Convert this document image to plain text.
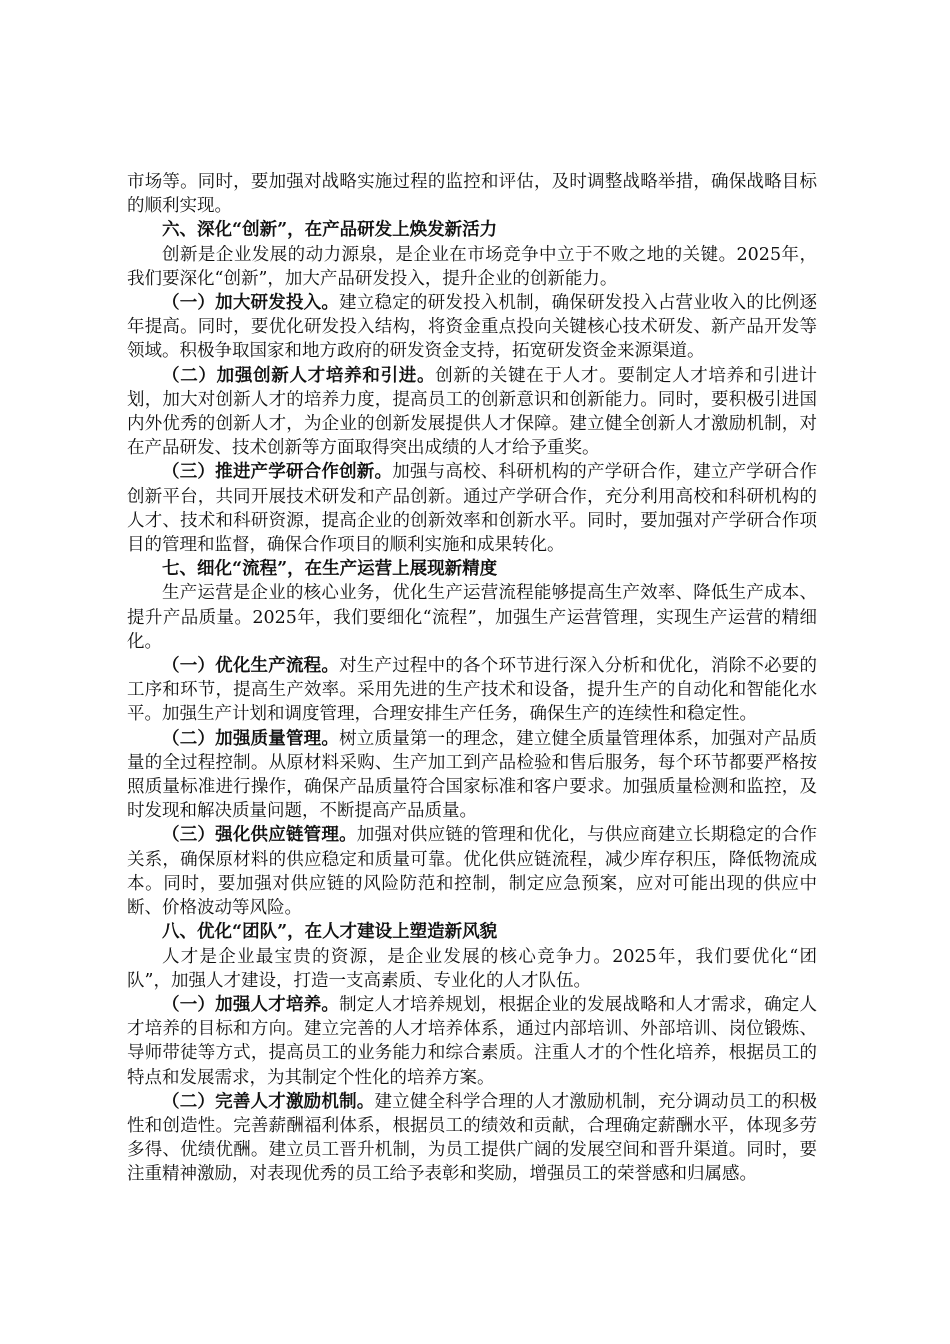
市场等。同时，要加强对战略实施过程的监控和评估，及时调整战略举措，确保战略目标的顺利实现。

六、深化“创新”，在产品研发上焕发新活力

创新是企业发展的动力源泉，是企业在市场竞争中立于不败之地的关键。2025年，我们要深化“创新”，加大产品研发投入，提升企业的创新能力。

（一）加大研发投入。建立稳定的研发投入机制，确保研发投入占营业收入的比例逐年提高。同时，要优化研发投入结构，将资金重点投向关键核心技术研发、新产品开发等领域。积极争取国家和地方政府的研发资金支持，拓宽研发资金来源渠道。

（二）加强创新人才培养和引进。创新的关键在于人才。要制定人才培养和引进计划，加大对创新人才的培养力度，提高员工的创新意识和创新能力。同时，要积极引进国内外优秀的创新人才，为企业的创新发展提供人才保障。建立健全创新人才激励机制，对在产品研发、技术创新等方面取得突出成绩的人才给予重奖。

（三）推进产学研合作创新。加强与高校、科研机构的产学研合作，建立产学研合作创新平台，共同开展技术研发和产品创新。通过产学研合作，充分利用高校和科研机构的人才、技术和科研资源，提高企业的创新效率和创新水平。同时，要加强对产学研合作项目的管理和监督，确保合作项目的顺利实施和成果转化。

七、细化“流程”，在生产运营上展现新精度

生产运营是企业的核心业务，优化生产运营流程能够提高生产效率、降低生产成本、提升产品质量。2025年，我们要细化“流程”，加强生产运营管理，实现生产运营的精细化。

（一）优化生产流程。对生产过程中的各个环节进行深入分析和优化，消除不必要的工序和环节，提高生产效率。采用先进的生产技术和设备，提升生产的自动化和智能化水平。加强生产计划和调度管理，合理安排生产任务，确保生产的连续性和稳定性。

（二）加强质量管理。树立质量第一的理念，建立健全质量管理体系，加强对产品质量的全过程控制。从原材料采购、生产加工到产品检验和售后服务，每个环节都要严格按照质量标准进行操作，确保产品质量符合国家标准和客户要求。加强质量检测和监控，及时发现和解决质量问题，不断提高产品质量。

（三）强化供应链管理。加强对供应链的管理和优化，与供应商建立长期稳定的合作关系，确保原材料的供应稳定和质量可靠。优化供应链流程，减少库存积压，降低物流成本。同时，要加强对供应链的风险防范和控制，制定应急预案，应对可能出现的供应中断、价格波动等风险。

八、优化“团队”，在人才建设上塑造新风貌

人才是企业最宝贵的资源，是企业发展的核心竞争力。2025年，我们要优化“团队”，加强人才建设，打造一支高素质、专业化的人才队伍。

（一）加强人才培养。制定人才培养规划，根据企业的发展战略和人才需求，确定人才培养的目标和方向。建立完善的人才培养体系，通过内部培训、外部培训、岗位锻炼、导师带徒等方式，提高员工的业务能力和综合素质。注重人才的个性化培养，根据员工的特点和发展需求，为其制定个性化的培养方案。

（二）完善人才激励机制。建立健全科学合理的人才激励机制，充分调动员工的积极性和创造性。完善薪酬福利体系，根据员工的绩效和贡献，合理确定薪酬水平，体现多劳多得、优绩优酬。建立员工晋升机制，为员工提供广阔的发展空间和晋升渠道。同时，要注重精神激励，对表现优秀的员工给予表彰和奖励，增强员工的荣誉感和归属感。
